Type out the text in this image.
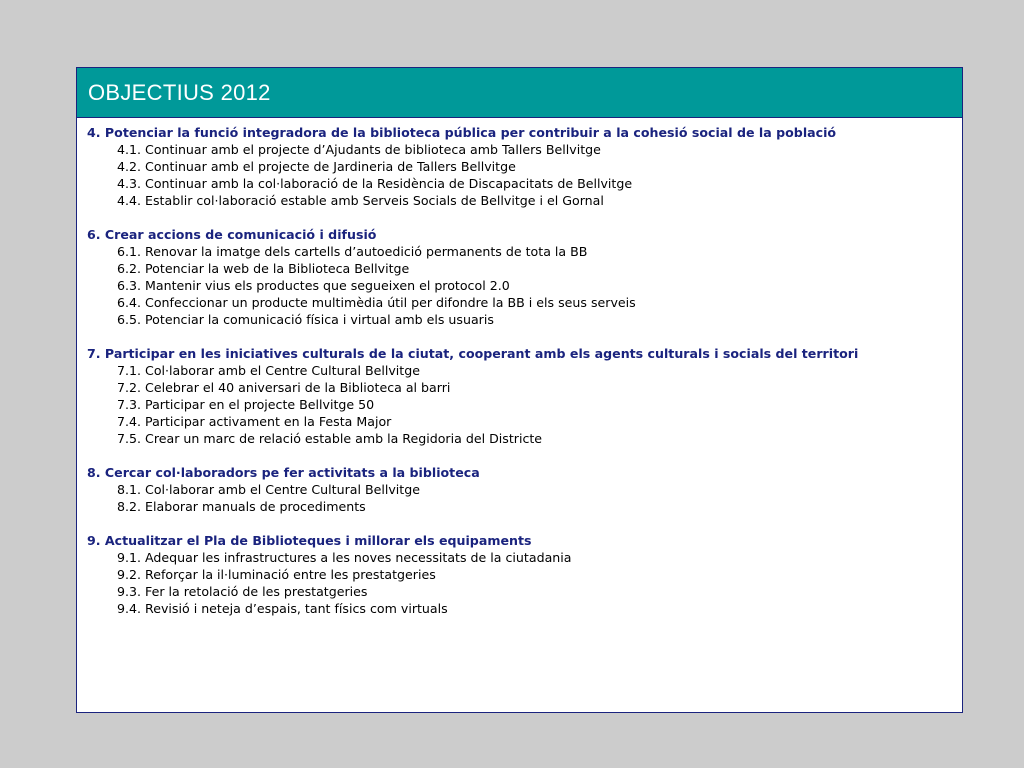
OBJECTIUS 2012
4. Potenciar la funció integradora de la biblioteca pública per contribuir a la cohesió social de la població
4.1. Continuar amb el projecte d’Ajudants de biblioteca amb Tallers Bellvitge
4.2. Continuar amb el projecte de Jardineria de Tallers Bellvitge
4.3. Continuar amb la col·laboració de la Residència de Discapacitats de Bellvitge
4.4. Establir col·laboració estable amb Serveis Socials de Bellvitge i el Gornal
6. Crear accions de comunicació i difusió
6.1. Renovar la imatge dels cartells d’autoedició permanents de tota la BB
6.2. Potenciar la web de la Biblioteca Bellvitge
6.3. Mantenir vius els productes que segueixen el protocol 2.0
6.4. Confeccionar un producte multimèdia útil per difondre la BB i els seus serveis
6.5. Potenciar la comunicació física i virtual amb els usuaris
7. Participar en les iniciatives culturals de la ciutat, cooperant amb els agents culturals i socials del territori
7.1. Col·laborar amb el Centre Cultural Bellvitge
7.2. Celebrar el 40 aniversari de la Biblioteca al barri
7.3. Participar en el projecte Bellvitge 50
7.4. Participar activament en la Festa Major
7.5. Crear un marc de relació estable amb la Regidoria del Districte
8. Cercar col·laboradors pe fer activitats a la biblioteca
8.1. Col·laborar amb el Centre Cultural Bellvitge
8.2. Elaborar manuals de procediments
9. Actualitzar el Pla de Biblioteques i millorar els equipaments
9.1. Adequar les infrastructures a les noves necessitats de la ciutadania
9.2. Reforçar la il·luminació entre les prestatgeries
9.3. Fer la retolació de les prestatgeries
9.4. Revisió i neteja d’espais, tant físics com virtuals
